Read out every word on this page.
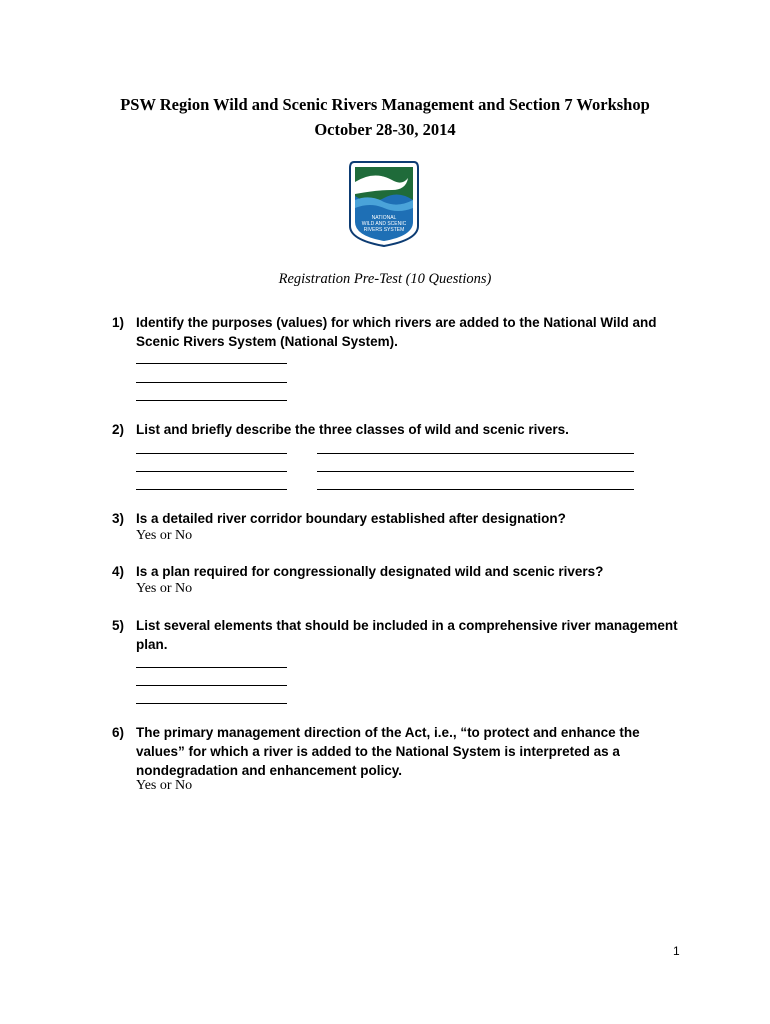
PSW Region Wild and Scenic Rivers Management and Section 7 Workshop
October 28-30, 2014
NATIONAL
WILD AND SCENIC
RIVERS SYSTEM
Registration Pre-Test (10 Questions)
1) Identify the purposes (values) for which rivers are added to the National Wild and Scenic Rivers System (National System).
2) List and briefly describe the three classes of wild and scenic rivers.
3) Is a detailed river corridor boundary established after designation?
Yes or No
4) Is a plan required for congressionally designated wild and scenic rivers?
Yes or No
5) List several elements that should be included in a comprehensive river management plan.
6) The primary management direction of the Act, i.e., “to protect and enhance the values” for which a river is added to the National System is interpreted as a nondegradation and enhancement policy.
Yes or No
1
